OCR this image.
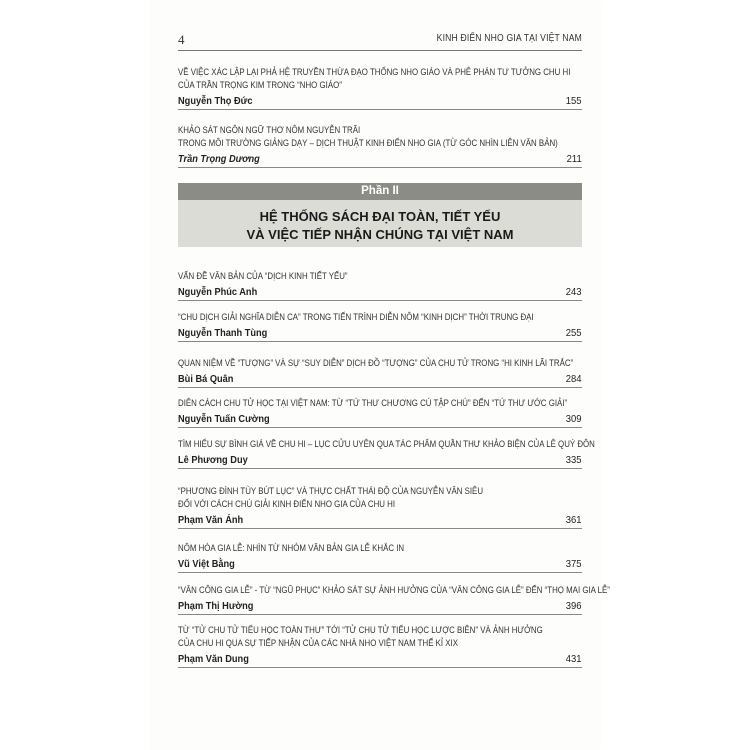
4	KINH ĐIỂN NHO GIA TẠI VIỆT NAM
VỀ VIỆC XÁC LẬP LẠI PHẢ HỆ TRUYỀN THỪA ĐẠO THỐNG NHO GIÁO VÀ PHÊ PHÁN TƯ TƯỞNG CHU HI
CỦA TRẦN TRỌNG KIM TRONG “NHO GIÁO”
Nguyễn Thọ Đức	155
KHẢO SÁT NGÔN NGỮ THƠ NÔM NGUYỄN TRÃI
TRONG MÔI TRƯỜNG GIẢNG DẠY – DỊCH THUẬT KINH ĐIỂN NHO GIA (TỪ GÓC NHÌN LIÊN VĂN BẢN)
Trần Trọng Dương	211
Phần II
HỆ THỐNG SÁCH ĐẠI TOÀN, TIẾT YẾU
VÀ VIỆC TIẾP NHẬN CHÚNG TẠI VIỆT NAM
VẤN ĐỀ VĂN BẢN CỦA “DỊCH KINH TIẾT YẾU”
Nguyễn Phúc Anh	243
“CHU DỊCH GIẢI NGHĨA DIỄN CA” TRONG TIẾN TRÌNH DIỄN NÔM “KINH DỊCH” THỜI TRUNG ĐẠI
Nguyễn Thanh Tùng	255
QUAN NIỆM VỀ “TƯỢNG” VÀ SỰ “SUY DIỄN” DỊCH ĐỒ “TƯỢNG” CỦA CHU TỬ TRONG “HI KINH LÃI TRẮC”
Bùi Bá Quân	284
DIÊN CÁCH CHU TỬ HỌC TẠI VIỆT NAM: TỪ “TỨ THƯ CHƯƠNG CÚ TẬP CHÚ” ĐẾN “TỨ THƯ ƯỚC GIẢI”
Nguyễn Tuấn Cường	309
TÌM HIỂU SỰ BÌNH GIÁ VỀ CHU HI – LỤC CỬU UYÊN QUA TÁC PHẨM QUẦN THƯ KHẢO BIỆN CỦA LÊ QUÝ ĐÔN
Lê Phương Duy	335
“PHƯƠNG ĐÌNH TÙY BÚT LỤC” VÀ THỰC CHẤT THÁI ĐỘ CỦA NGUYỄN VĂN SIÊU
ĐỐI VỚI CÁCH CHÚ GIẢI KINH ĐIỂN NHO GIA CỦA CHU HI
Phạm Văn Ánh	361
NÔM HÓA GIA LỄ: NHÌN TỪ NHÓM VĂN BẢN GIA LỄ KHẮC IN
Vũ Việt Bằng	375
“VĂN CÔNG GIA LỄ” - TỪ “NGŨ PHỤC” KHẢO SÁT SỰ ẢNH HƯỞNG CỦA “VĂN CÔNG GIA LỄ” ĐẾN “THỌ MAI GIA LỄ”
Phạm Thị Hường	396
TỪ “TỬ CHU TỬ TIỂU HỌC TOÀN THƯ” TỚI “TỬ CHU TỬ TIỂU HỌC LƯỢC BIÊN” VÀ ẢNH HƯỞNG
CỦA CHU HI QUA SỰ TIẾP NHẬN CỦA CÁC NHÀ NHO VIỆT NAM THẾ KỈ XIX
Phạm Văn Dung	431
